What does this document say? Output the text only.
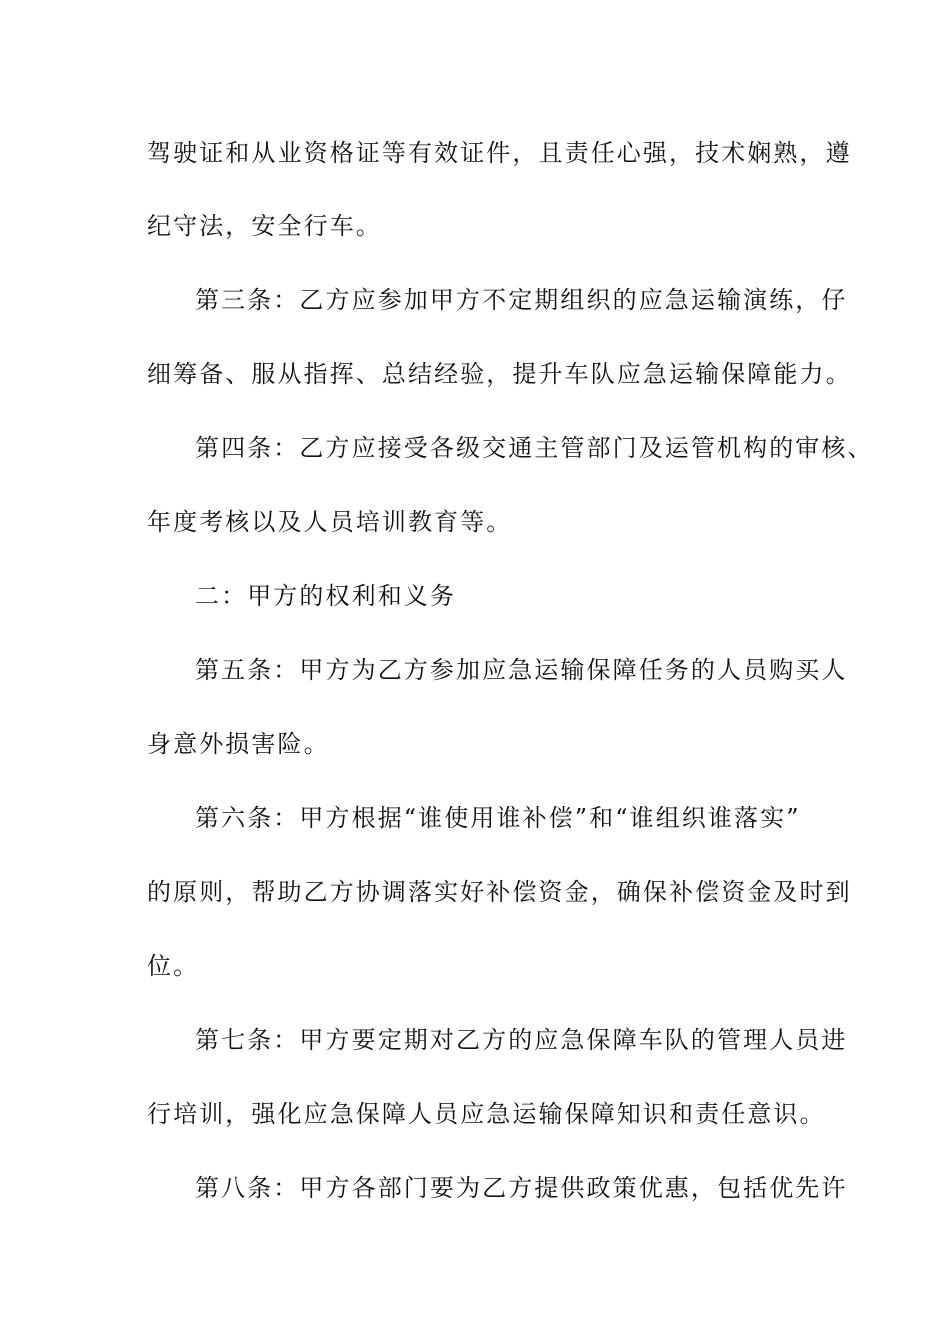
驾驶证和从业资格证等有效证件，且责任心强，技术娴熟，遵
纪守法，安全行车。
第三条：乙方应参加甲方不定期组织的应急运输演练，仔
细筹备、服从指挥、总结经验，提升车队应急运输保障能力。
第四条：乙方应接受各级交通主管部门及运管机构的审核、
年度考核以及人员培训教育等。
二：甲方的权利和义务
第五条：甲方为乙方参加应急运输保障任务的人员购买人
身意外损害险。
第六条：甲方根据“谁使用谁补偿”和“谁组织谁落实”
的原则，帮助乙方协调落实好补偿资金，确保补偿资金及时到
位。
第七条：甲方要定期对乙方的应急保障车队的管理人员进
行培训，强化应急保障人员应急运输保障知识和责任意识。
第八条：甲方各部门要为乙方提供政策优惠，包括优先许
